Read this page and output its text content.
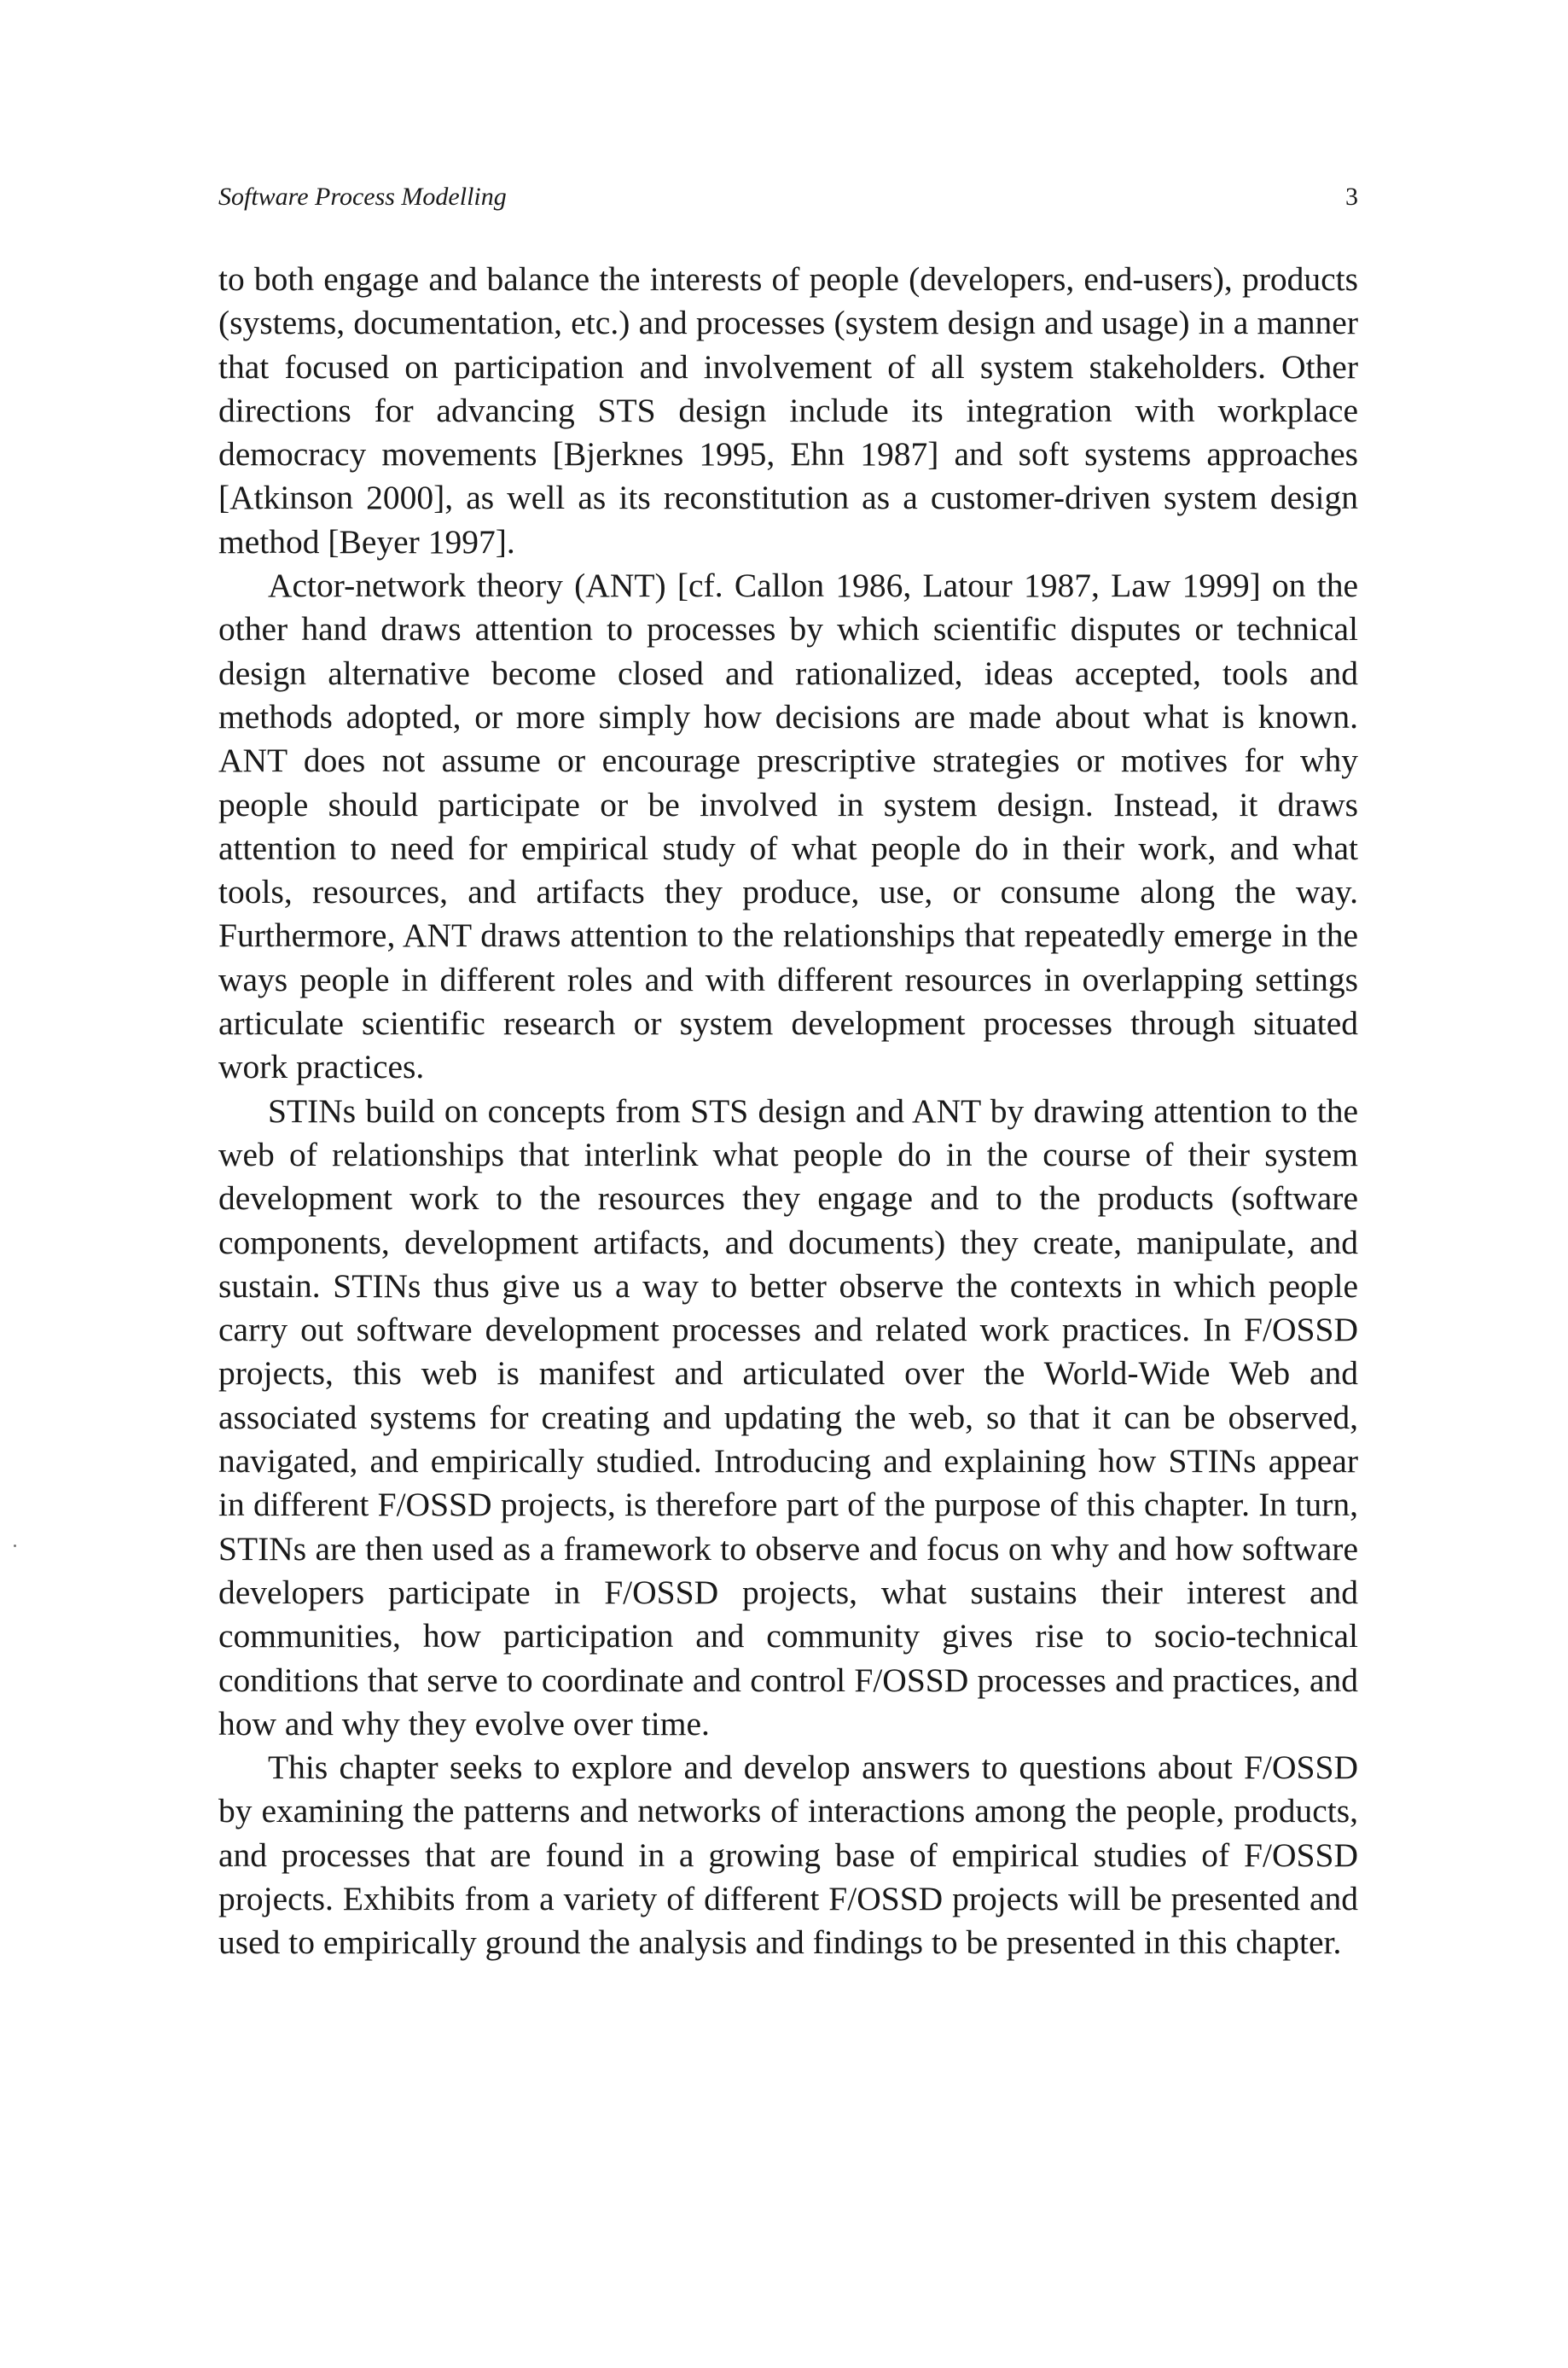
Software Process Modelling	3

to both engage and balance the interests of people (developers, end-users), products (systems, documentation, etc.) and processes (system design and usage) in a manner that focused on participation and involvement of all system stakeholders. Other directions for advancing STS design include its integration with workplace democracy movements [Bjerknes 1995, Ehn 1987] and soft systems approaches [Atkinson 2000], as well as its reconstitution as a customer-driven system design method [Beyer 1997].

Actor-network theory (ANT) [cf. Callon 1986, Latour 1987, Law 1999] on the other hand draws attention to processes by which scientific disputes or technical design alternative become closed and rationalized, ideas accepted, tools and methods adopted, or more simply how decisions are made about what is known. ANT does not assume or encourage prescriptive strategies or motives for why people should participate or be involved in system design. Instead, it draws attention to need for empirical study of what people do in their work, and what tools, resources, and artifacts they produce, use, or consume along the way. Furthermore, ANT draws attention to the relationships that repeatedly emerge in the ways people in different roles and with different resources in overlapping settings articulate scientific research or system development processes through situated work practices.

STINs build on concepts from STS design and ANT by drawing attention to the web of relationships that interlink what people do in the course of their system development work to the resources they engage and to the products (software components, development artifacts, and documents) they create, manipulate, and sustain. STINs thus give us a way to better observe the contexts in which people carry out software development processes and related work practices. In F/OSSD projects, this web is manifest and articulated over the World-Wide Web and associated systems for creating and updating the web, so that it can be observed, navigated, and empirically studied. Introducing and explaining how STINs appear in different F/OSSD projects, is therefore part of the purpose of this chapter. In turn, STINs are then used as a framework to observe and focus on why and how software developers participate in F/OSSD projects, what sustains their interest and communities, how participation and community gives rise to socio-technical conditions that serve to coordinate and control F/OSSD processes and practices, and how and why they evolve over time.

This chapter seeks to explore and develop answers to questions about F/OSSD by examining the patterns and networks of interactions among the people, products, and processes that are found in a growing base of empirical studies of F/OSSD projects. Exhibits from a variety of different F/OSSD projects will be presented and used to empirically ground the analysis and findings to be presented in this chapter.
